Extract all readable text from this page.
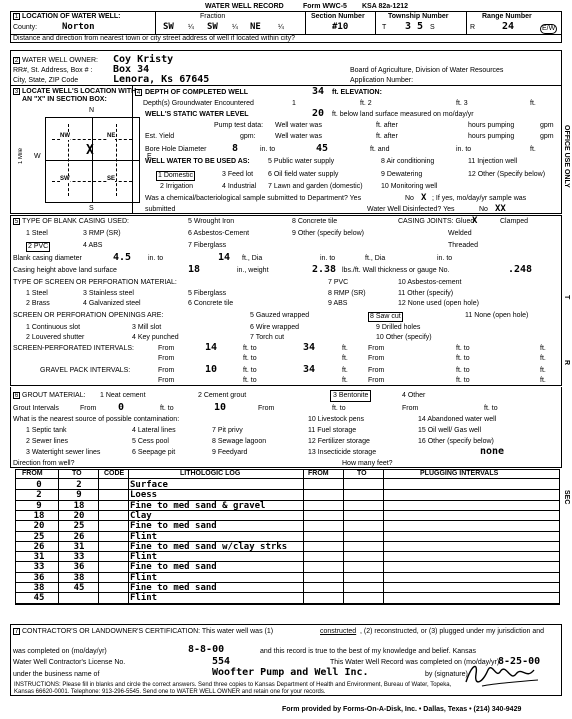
WATER WELL RECORD	Form WWC-5 KSA 82a-1212
1 LOCATION OF WATER WELL:
County:	Norton
Fraction
SW ¼ SW ¼ NE ¼
Section Number
#10
Township Number
T 3 5 S
Range Number
R	24	E/W
Distance and direction from nearest town or city street address of well if located within city?
2 WATER WELL OWNER: Coy Kristy
RR#, St. Address, Box # : Box 34
City, State, ZIP Code	Lenora, Ks 67645
Board of Agriculture, Division of Water Resources
Application Number:
3 LOCATE WELL'S LOCATION WITH
AN "X" IN SECTION BOX:
N
S
W	E
NW	NE
SW	SE
X
1 Mile
4 DEPTH OF COMPLETED WELL	34 ft. ELEVATION:
Depth(s) Groundwater Encountered	1	ft. 2	ft. 3	ft.
WELL'S STATIC WATER LEVEL	20 ft. below land surface measured on mo/day/yr
Pump test data: Well water was	ft. after	hours pumping	gpm
Est. Yield	gpm:	Well water was	ft. after	hours pumping	gpm
Bore Hole Diameter	8	in. to	45	ft. and	in. to	ft.
WELL WATER TO BE USED AS:
1 Domestic	3 Feed lot
5 Public water supply
6 Oil field water supply
8 Air conditioning
9 Dewatering
11 Injection well
12 Other (Specify below)
2 Irrigation	4 Industrial 7 Lawn and garden (domestic)	10 Monitoring well
Was a chemical/bacteriological sample submitted to Department? Yes	No X ; If yes, mo/day/yr sample was
submitted	Water Well Disinfected? Yes	No XX
5 TYPE OF BLANK CASING USED:
1 Steel
2 PVC
3 RMP (SR)
4 ABS
5 Wrought Iron
6 Asbestos-Cement
7 Fiberglass
8 Concrete tile
9 Other (specify below)
CASING JOINTS: Glued
X	Clamped
Welded
Threaded
Blank casing diameter	4.5 in. to	14 ft., Dia	in. to	ft., Dia	in. to
Casing height above land surface	18	in., weight	2.38 lbs./ft. Wall thickness or gauge No.	.248
TYPE OF SCREEN OR PERFORATION MATERIAL:
1 Steel
2 Brass
3 Stainless steel
4 Galvanized steel
5 Fiberglass
6 Concrete tile
7 PVC
8 RMP (SR)
9 ABS
10 Asbestos-cement
11 Other (specify)
12 None used (open hole)
SCREEN OR PERFORATION OPENINGS ARE:
1 Continuous slot
2 Louvered shutter
3 Mill slot
4 Key punched
5 Gauzed wrapped
6 Wire wrapped
7 Torch cut
8 Saw cut
9 Drilled holes
10 Other (specify)
11 None (open hole)
SCREEN-PERFORATED INTERVALS:	From	14	ft. to	34	ft.	From	ft. to	ft.
From	ft. to	ft.	From	ft. to	ft.
GRAVEL PACK INTERVALS:	From	10	ft. to	34	ft.	From	ft. to	ft.
From	ft. to	ft.	From	ft. to	ft.
6 GROUT MATERIAL: 1 Neat cement	2 Cement grout	3 Bentonite	4 Other
Grout Intervals	From 0	ft. to	10	From	ft. to	From	ft. to
What is the nearest source of possible contamination:
1 Septic tank	4 Lateral lines	7 Pit privy
10 Livestock pens	14 Abandoned water well
2 Sewer lines	5 Cess pool	8 Sewage lagoon
11 Fuel storage	15 Oil well/ Gas well
3 Watertight sewer lines	6 Seepage pit	9 Feedyard
12 Fertilizer storage	16 Other (specify below)
13 Insecticide storage	none
Direction from well?	How many feet?
FROM	TO	CODE	LITHOLOGIC LOG	FROM	TO	PLUGGING INTERVALS
0	2	Surface
2	9	Loess
9	18	Fine to med sand & gravel
18	20	Clay
20	25	Fine to med sand
25	26	Flint
26	31	Fine to med sand w/clay strks
31	33	Flint
33	36	Fine to med sand
36	38	Flint
38	45	Fine to med sand
45	Flint
7 CONTRACTOR'S OR LANDOWNER'S CERTIFICATION: This water well was (1)	constructed , (2) reconstructed, or (3) plugged under my jurisdiction and
was completed on (mo/day/yr)	8-8-00	and this record is true to the best of my knowledge and belief. Kansas
Water Well Contractor's License No.	554	This Water Well Record was completed on (mo/day/yr)
8-25-00
under the business name of	Woofter Pump and Well Inc.	by (signature)
INSTRUCTIONS: Please fill in blanks and circle the correct answers. Send three copies to Kansas Department of Health and Environment, Bureau of Water, Topeka,
Kansas 66620-0001. Telephone: 913-296-5545. Send one to WATER WELL OWNER and retain one for your records.
Form provided by Forms-On-A-Disk, Inc. • Dallas, Texas • (214) 340-9429
OFFICE USE ONLY
T
R
SEC
